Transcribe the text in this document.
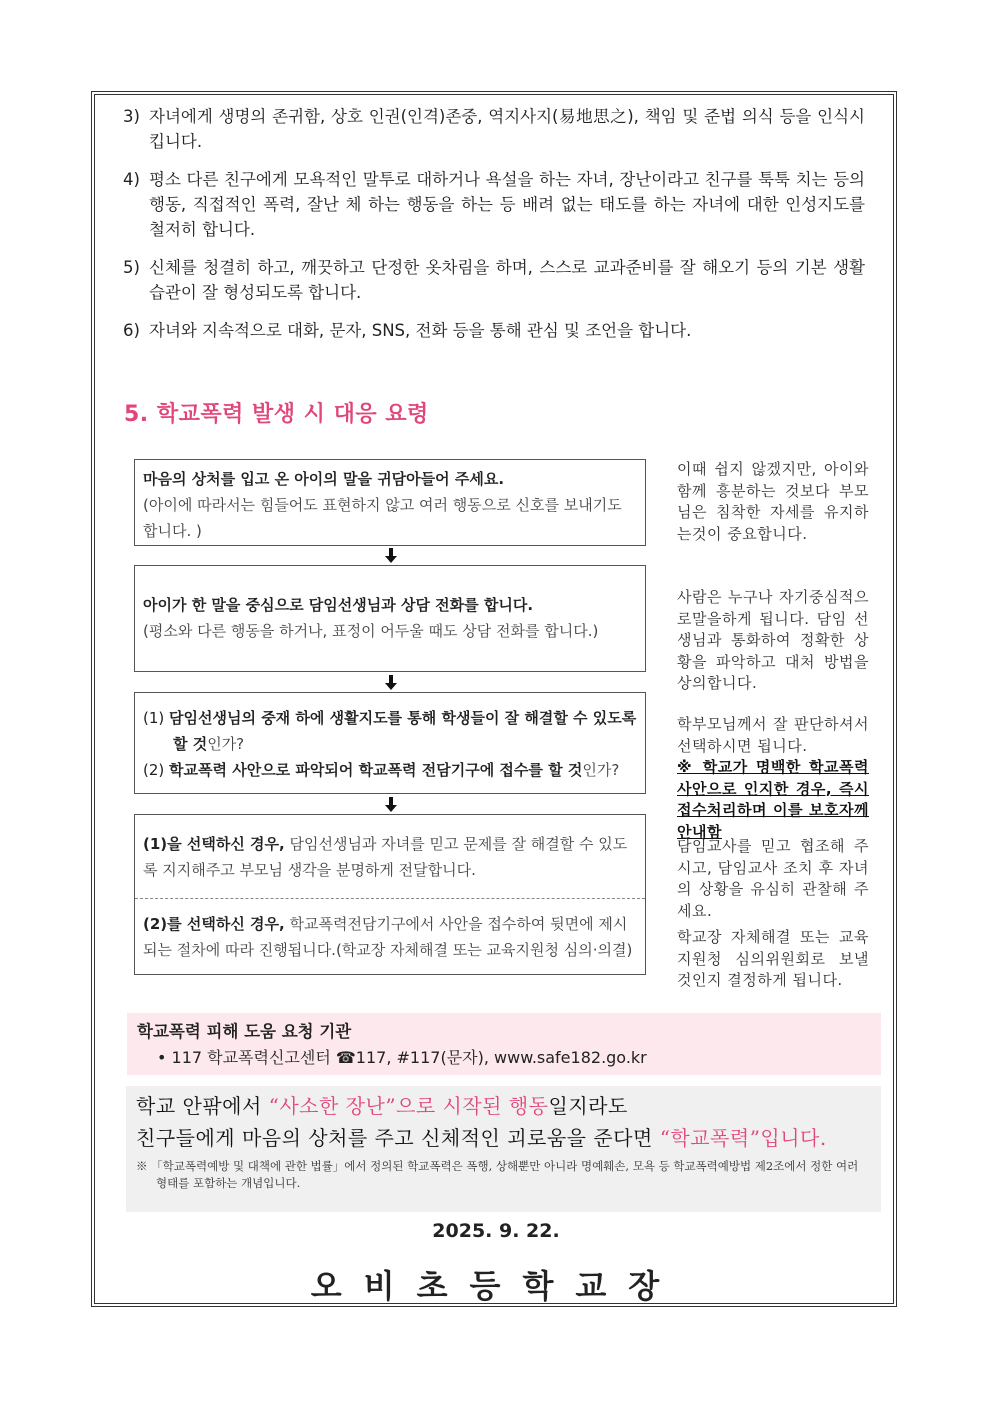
3) 자녀에게 생명의 존귀함, 상호 인권(인격)존중, 역지사지(易地思之), 책임 및 준법 의식 등을 인식시킵니다.
4) 평소 다른 친구에게 모욕적인 말투로 대하거나 욕설을 하는 자녀, 장난이라고 친구를 툭툭 치는 등의 행동, 직접적인 폭력, 잘난 체 하는 행동을 하는 등 배려 없는 태도를 하는 자녀에 대한 인성지도를 철저히 합니다.
5) 신체를 청결히 하고, 깨끗하고 단정한 옷차림을 하며, 스스로 교과준비를 잘 해오기 등의 기본 생활습관이 잘 형성되도록 합니다.
6) 자녀와 지속적으로 대화, 문자, SNS, 전화 등을 통해 관심 및 조언을 합니다.
5. 학교폭력 발생 시 대응 요령
마음의 상처를 입고 온 아이의 말을 귀담아들어 주세요.
(아이에 따라서는 힘들어도 표현하지 않고 여러 행동으로 신호를 보내기도 합니다. )
아이가 한 말을 중심으로 담임선생님과 상담 전화를 합니다.
(평소와 다른 행동을 하거나, 표정이 어두울 때도 상담 전화를 합니다.)
(1) 담임선생님의 중재 하에 생활지도를 통해 학생들이 잘 해결할 수 있도록 할 것인가?
(2) 학교폭력 사안으로 파악되어 학교폭력 전담기구에 접수를 할 것인가?
(1)을 선택하신 경우, 담임선생님과 자녀를 믿고 문제를 잘 해결할 수 있도록 지지해주고 부모님 생각을 분명하게 전달합니다.
(2)를 선택하신 경우, 학교폭력전담기구에서 사안을 접수하여 뒷면에 제시되는 절차에 따라 진행됩니다.(학교장 자체해결 또는 교육지원청 심의·의결)
이때 쉽지 않겠지만, 아이와 함께 흥분하는 것보다 부모님은 침착한 자세를 유지하는것이 중요합니다.
사람은 누구나 자기중심적으로말을하게 됩니다. 담임 선생님과 통화하여 정확한 상황을 파악하고 대처 방법을 상의합니다.
학부모님께서 잘 판단하셔서 선택하시면 됩니다.
※ 학교가 명백한 학교폭력 사안으로 인지한 경우, 즉시 접수처리하며 이를 보호자께 안내함
담임교사를 믿고 협조해 주시고, 담임교사 조치 후 자녀의 상황을 유심히 관찰해 주세요.
학교장 자체해결 또는 교육지원청 심의위원회로 보낼 것인지 결정하게 됩니다.
학교폭력 피해 도움 요청 기관
• 117 학교폭력신고센터 ☎117, #117(문자), www.safe182.go.kr
학교 안팎에서 “사소한 장난”으로 시작된 행동일지라도
친구들에게 마음의 상처를 주고 신체적인 괴로움을 준다면 “학교폭력”입니다.
※ 「학교폭력예방 및 대책에 관한 법률」에서 정의된 학교폭력은 폭행, 상해뿐만 아니라 명예훼손, 모욕 등 학교폭력예방법 제2조에서 정한 여러 형태를 포함하는 개념입니다.
2025. 9. 22.
오비초등학교장
